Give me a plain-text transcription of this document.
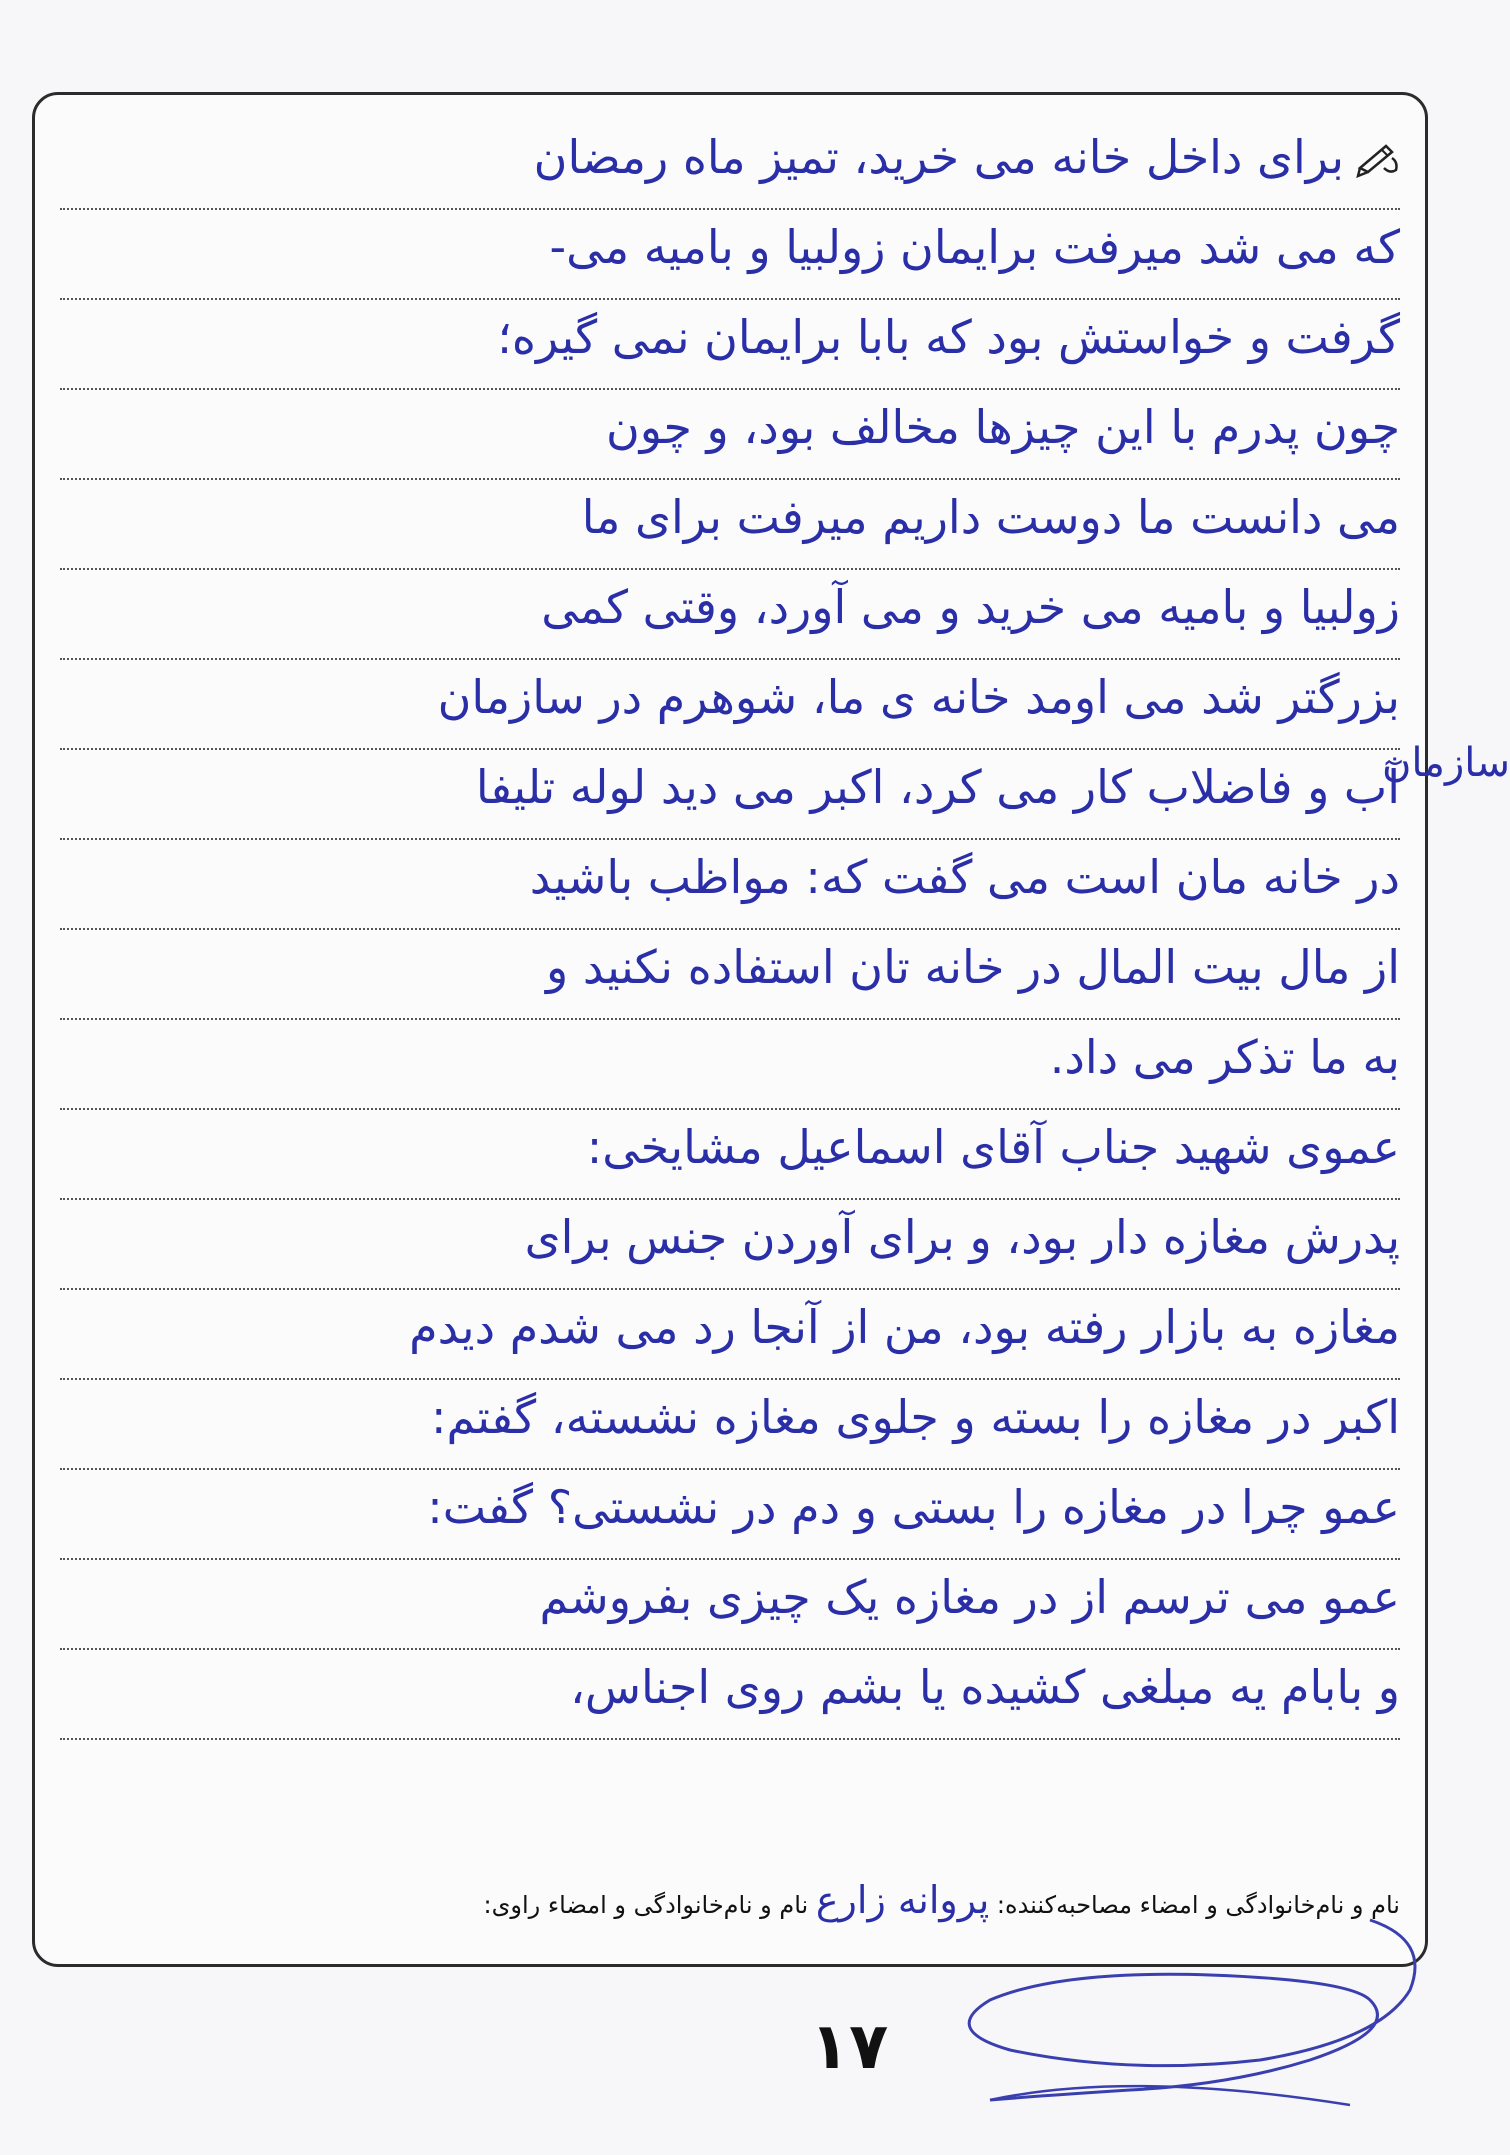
برای داخل خانه می خرید، تمیز ماه رمضان
که می شد میرفت برایمان زولبیا و بامیه می-
گرفت و خواستش بود که بابا برایمان نمی گیره؛
چون پدرم با این چیزها مخالف بود، و چون
می دانست ما دوست داریم میرفت برای ما
زولبیا و بامیه می خرید و می آورد، وقتی کمی
بزرگتر شد می اومد خانه ی ما، شوهرم در سازمان
آب و فاضلاب کار می کرد، اکبر می دید لوله تلیفا
در خانه مان است می گفت که: مواظب باشید
از مال بیت المال در خانه تان استفاده نکنید و
به ما تذکر می داد.
عموی شهید جناب آقای اسماعیل مشایخی:
پدرش مغازه دار بود، و برای آوردن جنس برای
مغازه به بازار رفته بود، من از آنجا رد می شدم دیدم
اکبر در مغازه را بسته و جلوی مغازه نشسته، گفتم:
عمو چرا در مغازه را بستی و دم در نشستی؟ گفت:
عمو می ترسم از در مغازه یک چیزی بفروشم
و بابام یه مبلغی کشیده یا بشم روی اجناس،
سازمان
نام و نام‌خانوادگی و امضاء مصاحبه‌کننده: پروانه زارع نام و نام‌خانوادگی و امضاء راوی:
۱۷
